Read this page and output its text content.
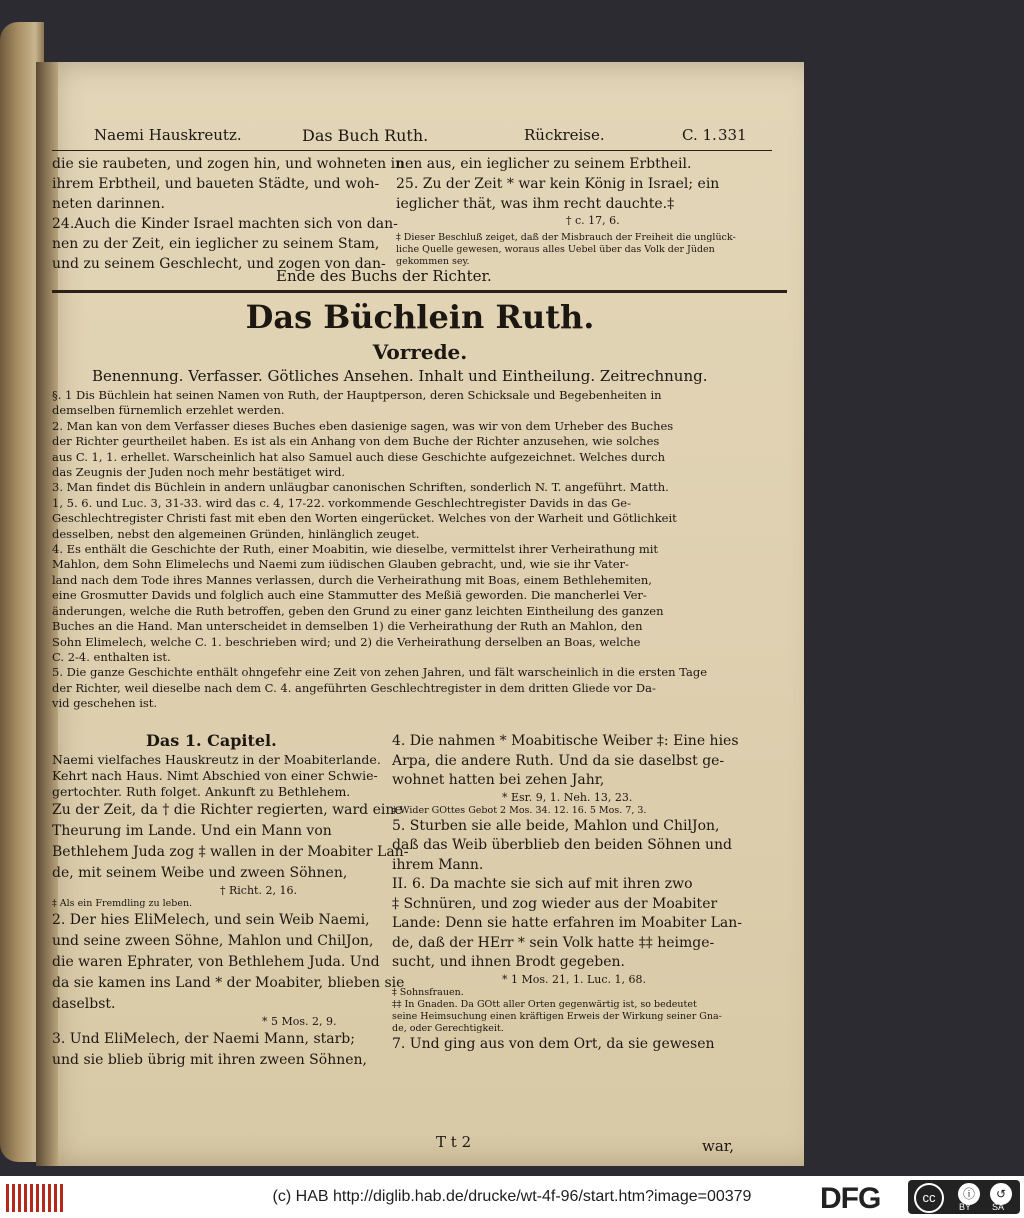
Naemi Hauskreutz.	Das Buch Ruth.	Rückreise.	C. 1. 331
die sie raubeten, und zogen hin, und wohneten in
ihrem Erbtheil, und baueten Städte, und woh-
neten darinnen.
24.Auch die Kinder Israel machten sich von dan-
nen zu der Zeit, ein ieglicher zu seinem Stam,
und zu seinem Geschlecht, und zogen von dan-
nen aus, ein ieglicher zu seinem Erbtheil.
25. Zu der Zeit * war kein König in Israel; ein
ieglicher thät, was ihm recht dauchte.‡
† c. 17, 6.
‡ Dieser Beschluß zeiget, daß der Misbrauch der Freiheit die unglück-
liche Quelle gewesen, woraus alles Uebel über das Volk der Jüden
gekommen sey.
Ende des Buchs der Richter.
Das Büchlein Ruth.
Vorrede.
Benennung. Verfasser. Götliches Ansehen. Inhalt und Eintheilung. Zeitrechnung.
§. 1 Dis Büchlein hat seinen Namen von Ruth, der Hauptperson, deren Schicksale und Begebenheiten in
demselben fürnemlich erzehlet werden.
2. Man kan von dem Verfasser dieses Buches eben dasienige sagen, was wir von dem Urheber des Buches
der Richter geurtheilet haben. Es ist als ein Anhang von dem Buche der Richter anzusehen, wie solches
aus C. 1, 1. erhellet. Warscheinlich hat also Samuel auch diese Geschichte aufgezeichnet. Welches durch
das Zeugnis der Juden noch mehr bestätiget wird.
3. Man findet dis Büchlein in andern unläugbar canonischen Schriften, sonderlich N. T. angeführt. Matth.
1, 5. 6. und Luc. 3, 31-33. wird das c. 4, 17-22. vorkommende Geschlechtregister Davids in das Ge-
Geschlechtregister Christi fast mit eben den Worten eingerücket. Welches von der Warheit und Götlichkeit
desselben, nebst den algemeinen Gründen, hinlänglich zeuget.
4. Es enthält die Geschichte der Ruth, einer Moabitin, wie dieselbe, vermittelst ihrer Verheirathung mit
Mahlon, dem Sohn Elimelechs und Naemi zum iüdischen Glauben gebracht, und, wie sie ihr Vater-
land nach dem Tode ihres Mannes verlassen, durch die Verheirathung mit Boas, einem Bethlehemiten,
eine Grosmutter Davids und folglich auch eine Stammutter des Meßiä geworden. Die mancherlei Ver-
änderungen, welche die Ruth betroffen, geben den Grund zu einer ganz leichten Eintheilung des ganzen
Buches an die Hand. Man unterscheidet in demselben 1) die Verheirathung der Ruth an Mahlon, den
Sohn Elimelech, welche C. 1. beschrieben wird; und 2) die Verheirathung derselben an Boas, welche
C. 2-4. enthalten ist.
5. Die ganze Geschichte enthält ohngefehr eine Zeit von zehen Jahren, und fält warscheinlich in die ersten Tage
der Richter, weil dieselbe nach dem C. 4. angeführten Geschlechtregister in dem dritten Gliede vor Da-
vid geschehen ist.
Das 1. Capitel.
Naemi vielfaches Hauskreutz in der Moabiterlande.
Kehrt nach Haus. Nimt Abschied von einer Schwie-
gertochter. Ruth folget. Ankunft zu Bethlehem.
Zu der Zeit, da † die Richter regierten, ward eine
Theurung im Lande. Und ein Mann von
Bethlehem Juda zog ‡ wallen in der Moabiter Lan-
de, mit seinem Weibe und zween Söhnen,
† Richt. 2, 16.
‡ Als ein Fremdling zu leben.
2. Der hies EliMelech, und sein Weib Naemi,
und seine zween Söhne, Mahlon und ChilJon,
die waren Ephrater, von Bethlehem Juda. Und
da sie kamen ins Land * der Moabiter, blieben sie
daselbst.
* 5 Mos. 2, 9.
3. Und EliMelech, der Naemi Mann, starb;
und sie blieb übrig mit ihren zween Söhnen,
4. Die nahmen * Moabitische Weiber ‡: Eine hies
Arpa, die andere Ruth. Und da sie daselbst ge-
wohnet hatten bei zehen Jahr,
* Esr. 9, 1. Neh. 13, 23.
‡ Wider GOttes Gebot 2 Mos. 34. 12. 16. 5 Mos. 7, 3.
5. Sturben sie alle beide, Mahlon und ChilJon,
daß das Weib überblieb den beiden Söhnen und
ihrem Mann.
II. 6. Da machte sie sich auf mit ihren zwo
‡ Schnüren, und zog wieder aus der Moabiter
Lande: Denn sie hatte erfahren im Moabiter Lan-
de, daß der HErr * sein Volk hatte ‡‡ heimge-
sucht, und ihnen Brodt gegeben.
* 1 Mos. 21, 1. Luc. 1, 68.
‡ Sohnsfrauen.
‡‡ In Gnaden. Da GOtt aller Orten gegenwärtig ist, so bedeutet
seine Heimsuchung einen kräftigen Erweis der Wirkung seiner Gna-
de, oder Gerechtigkeit.
7. Und ging aus von dem Ort, da sie gewesen
T t 2	war,
(c) HAB http://diglib.hab.de/drucke/wt-4f-96/start.htm?image=00379	DFG	cc	ⓘ	↺
BY SA
